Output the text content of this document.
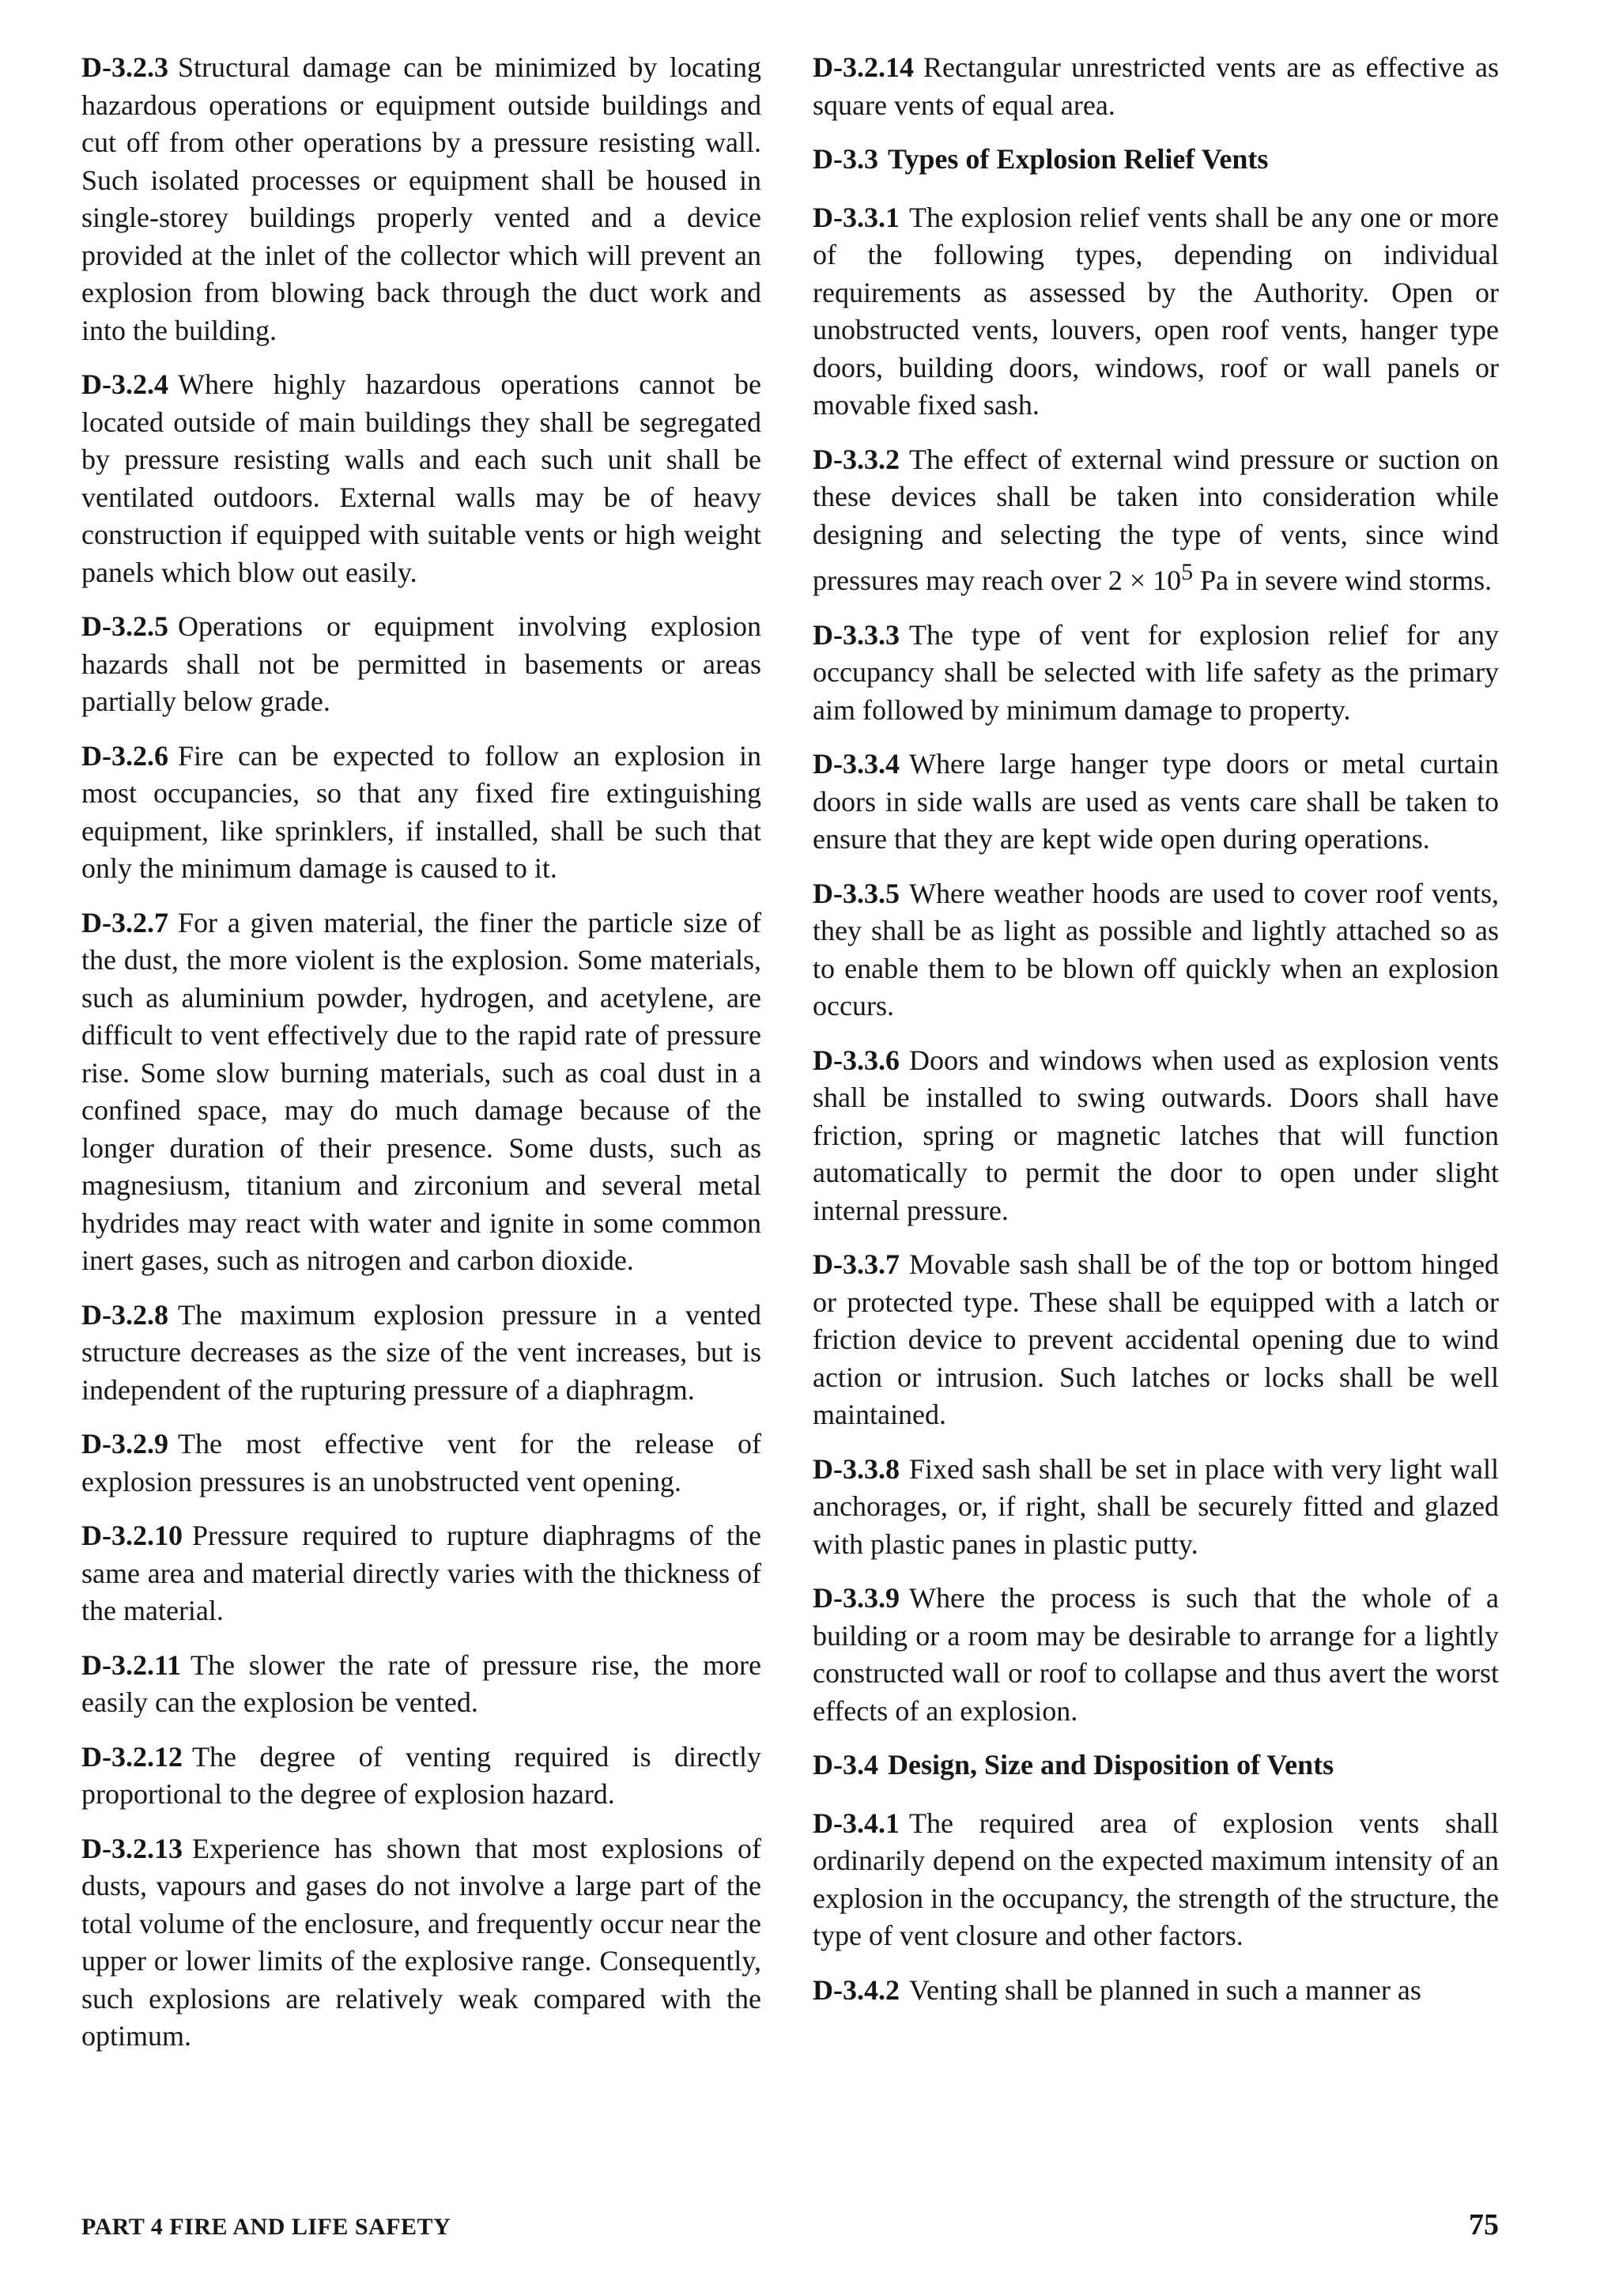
D-3.2.3 Structural damage can be minimized by locating hazardous operations or equipment outside buildings and cut off from other operations by a pressure resisting wall. Such isolated processes or equipment shall be housed in single-storey buildings properly vented and a device provided at the inlet of the collector which will prevent an explosion from blowing back through the duct work and into the building.

D-3.2.4 Where highly hazardous operations cannot be located outside of main buildings they shall be segregated by pressure resisting walls and each such unit shall be ventilated outdoors. External walls may be of heavy construction if equipped with suitable vents or high weight panels which blow out easily.

D-3.2.5 Operations or equipment involving explosion hazards shall not be permitted in basements or areas partially below grade.

D-3.2.6 Fire can be expected to follow an explosion in most occupancies, so that any fixed fire extinguishing equipment, like sprinklers, if installed, shall be such that only the minimum damage is caused to it.

D-3.2.7 For a given material, the finer the particle size of the dust, the more violent is the explosion. Some materials, such as aluminium powder, hydrogen, and acetylene, are difficult to vent effectively due to the rapid rate of pressure rise. Some slow burning materials, such as coal dust in a confined space, may do much damage because of the longer duration of their presence. Some dusts, such as magnesiusm, titanium and zirconium and several metal hydrides may react with water and ignite in some common inert gases, such as nitrogen and carbon dioxide.

D-3.2.8 The maximum explosion pressure in a vented structure decreases as the size of the vent increases, but is independent of the rupturing pressure of a diaphragm.

D-3.2.9 The most effective vent for the release of explosion pressures is an unobstructed vent opening.

D-3.2.10 Pressure required to rupture diaphragms of the same area and material directly varies with the thickness of the material.

D-3.2.11 The slower the rate of pressure rise, the more easily can the explosion be vented.

D-3.2.12 The degree of venting required is directly proportional to the degree of explosion hazard.

D-3.2.13 Experience has shown that most explosions of dusts, vapours and gases do not involve a large part of the total volume of the enclosure, and frequently occur near the upper or lower limits of the explosive range. Consequently, such explosions are relatively weak compared with the optimum.

D-3.2.14 Rectangular unrestricted vents are as effective as square vents of equal area.

D-3.3 Types of Explosion Relief Vents

D-3.3.1 The explosion relief vents shall be any one or more of the following types, depending on individual requirements as assessed by the Authority. Open or unobstructed vents, louvers, open roof vents, hanger type doors, building doors, windows, roof or wall panels or movable fixed sash.

D-3.3.2 The effect of external wind pressure or suction on these devices shall be taken into consideration while designing and selecting the type of vents, since wind pressures may reach over $2 \times 10^5$ Pa in severe wind storms.

D-3.3.3 The type of vent for explosion relief for any occupancy shall be selected with life safety as the primary aim followed by minimum damage to property.

D-3.3.4 Where large hanger type doors or metal curtain doors in side walls are used as vents care shall be taken to ensure that they are kept wide open during operations.

D-3.3.5 Where weather hoods are used to cover roof vents, they shall be as light as possible and lightly attached so as to enable them to be blown off quickly when an explosion occurs.

D-3.3.6 Doors and windows when used as explosion vents shall be installed to swing outwards. Doors shall have friction, spring or magnetic latches that will function automatically to permit the door to open under slight internal pressure.

D-3.3.7 Movable sash shall be of the top or bottom hinged or protected type. These shall be equipped with a latch or friction device to prevent accidental opening due to wind action or intrusion. Such latches or locks shall be well maintained.

D-3.3.8 Fixed sash shall be set in place with very light wall anchorages, or, if right, shall be securely fitted and glazed with plastic panes in plastic putty.

D-3.3.9 Where the process is such that the whole of a building or a room may be desirable to arrange for a lightly constructed wall or roof to collapse and thus avert the worst effects of an explosion.

D-3.4 Design, Size and Disposition of Vents

D-3.4.1 The required area of explosion vents shall ordinarily depend on the expected maximum intensity of an explosion in the occupancy, the strength of the structure, the type of vent closure and other factors.

D-3.4.2 Venting shall be planned in such a manner as

PART 4 FIRE AND LIFE SAFETY	75
